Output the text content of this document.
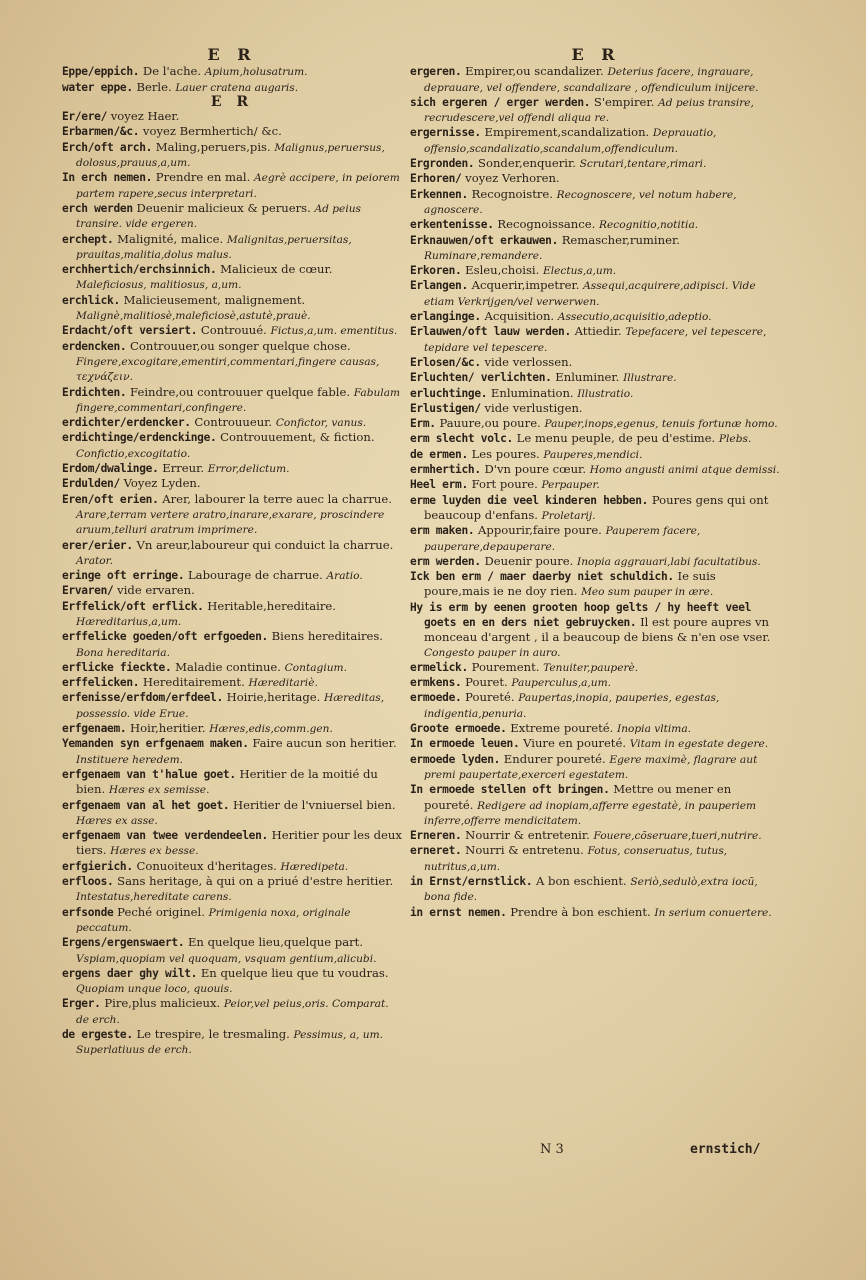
E R

Eppe/eppich. De l'ache. Apium,holusatrum.

water eppe. Berle. Lauer cratena augaris.

E R

Er/ere/ voyez Haer.

Erbarmen/&c. voyez Bermhertich/ &c.

Erch/oft arch. Maling,peruers,pis. Malignus,peruersus, dolosus,prauus,a,um.

In erch nemen. Prendre en mal. Aegrè accipere, in peiorem partem rapere,secus interpretari.

erch werden Deuenir malicieux & peruers. Ad peius transire. vide ergeren.

erchept. Malignité, malice. Malignitas,peruersitas, prauitas,malitia,dolus malus.

erchhertich/erchsinnich. Malicieux de cœur. Maleficiosus, malitiosus, a,um.

erchlick. Malicieusement, malignement. Malignè,malitiosè,maleficiosè,astutè,prauè.

Erdacht/oft versiert. Controuué. Fictus,a,um. ementitus.

erdencken. Controuuer,ou songer quelque chose. Fingere,excogitare,ementiri,commentari,fingere causas, τεχνάζειν.

Erdichten. Feindre,ou controuuer quelque fable. Fabulam fingere,commentari,confingere.

erdichter/erdencker. Controuueur. Confictor, vanus.

erdichtinge/erdenckinge. Controuuement, & fiction. Confictio,excogitatio.

Erdom/dwalinge. Erreur. Error,delictum.

Erdulden/ Voyez Lyden.

Eren/oft erien. Arer, labourer la terre auec la charrue. Arare,terram vertere aratro,inarare,exarare, proscindere aruum,telluri aratrum imprimere.

erer/erier. Vn areur,laboureur qui conduict la charrue. Arator.

eringe oft erringe. Labourage de charrue. Aratio.

Ervaren/ vide ervaren.

Erffelick/oft erflick. Heritable,hereditaire. Hæreditarius,a,um.

erffelicke goeden/oft erfgoeden. Biens hereditaires. Bona hereditaria.

erflicke fieckte. Maladie continue. Contagium.

erffelicken. Hereditairement. Hæreditariè.

erfenisse/erfdom/erfdeel. Hoirie,heritage. Hæreditas, possessio. vide Erue.

erfgenaem. Hoir,heritier. Hæres,edis,comm.gen.

Yemanden syn erfgenaem maken. Faire aucun son heritier. Instituere heredem.

erfgenaem van t'halue goet. Heritier de la moitié du bien. Hæres ex semisse.

erfgenaem van al het goet. Heritier de l'vniuersel bien. Hæres ex asse.

erfgenaem van twee verdendeelen. Heritier pour les deux tiers. Hæres ex besse.

erfgierich. Conuoiteux d'heritages. Hæredipeta.

erfloos. Sans heritage, à qui on a priué d'estre heritier. Intestatus,hereditate carens.

erfsonde Peché originel. Primigenia noxa, originale peccatum.

Ergens/ergenswaert. En quelque lieu,quelque part. Vspiam,quopiam vel quoquam, vsquam gentium,alicubi.

ergens daer ghy wilt. En quelque lieu que tu voudras. Quopiam unque loco, quouis.

Erger. Pire,plus malicieux. Peior,vel peius,oris. Comparat. de erch.

de ergeste. Le trespire, le tresmaling. Pessimus, a, um. Superlatiuus de erch.

E R

ergeren. Empirer,ou scandalizer. Deterius facere, ingrauare, deprauare, vel offendere, scandalizare , offendiculum inijcere.

sich ergeren / erger werden. S'empirer. Ad peius transire, recrudescere,vel offendi aliqua re.

ergernisse. Empirement,scandalization. Deprauatio, offensio,scandalizatio,scandalum,offendiculum.

Ergronden. Sonder,enquerir. Scrutari,tentare,rimari.

Erhoren/ voyez Verhoren.

Erkennen. Recognoistre. Recognoscere, vel notum habere, agnoscere.

erkentenisse. Recognoissance. Recognitio,notitia.

Erknauwen/oft erkauwen. Remascher,ruminer. Ruminare,remandere.

Erkoren. Esleu,choisi. Electus,a,um.

Erlangen. Acquerir,impetrer. Assequi,acquirere,adipisci. Vide etiam Verkrijgen/vel verwerwen.

erlanginge. Acquisition. Assecutio,acquisitio,adeptio.

Erlauwen/oft lauw werden. Attiedir. Tepefacere, vel tepescere, tepidare vel tepescere.

Erlosen/&c. vide verlossen.

Erluchten/ verlichten. Enluminer. Illustrare.

erluchtinge. Enlumination. Illustratio.

Erlustigen/ vide verlustigen.

Erm. Pauure,ou poure. Pauper,inops,egenus, tenuis fortunæ homo.

erm slecht volc. Le menu peuple, de peu d'estime. Plebs.

de ermen. Les poures. Pauperes,mendici.

ermhertich. D'vn poure cœur. Homo angusti animi atque demissi.

Heel erm. Fort poure. Perpauper.

erme luyden die veel kinderen hebben. Poures gens qui ont beaucoup d'enfans. Proletarij.

erm maken. Appourir,faire poure. Pauperem facere, pauperare,depauperare.

erm werden. Deuenir poure. Inopia aggrauari,labi facultatibus.

Ick ben erm / maer daerby niet schuldich. Ie suis poure,mais ie ne doy rien. Meo sum pauper in ære.

Hy is erm by eenen grooten hoop gelts / hy heeft veel goets en en ders niet gebruycken. Il est poure aupres vn monceau d'argent , il a beaucoup de biens & n'en ose vser. Congesto pauper in auro.

ermelick. Pourement. Tenuiter,pauperè.

ermkens. Pouret. Pauperculus,a,um.

ermoede. Poureté. Paupertas,inopia, pauperies, egestas, indigentia,penuria.

Groote ermoede. Extreme poureté. Inopia vltima.

In ermoede leuen. Viure en poureté. Vitam in egestate degere.

ermoede lyden. Endurer poureté. Egere maximè, flagrare aut premi paupertate,exerceri egestatem.

In ermoede stellen oft bringen. Mettre ou mener en poureté. Redigere ad inopiam,afferre egestatè, in pauperiem inferre,offerre mendicitatem.

Erneren. Nourrir & entretenir. Fouere,cõseruare,tueri,nutrire.

erneret. Nourri & entretenu. Fotus, conseruatus, tutus, nutritus,a,um.

in Ernst/ernstlick. A bon eschient. Seriò,sedulò,extra iocũ, bona fide.

in ernst nemen. Prendre à bon eschient. In serium conuertere.

N 3	ernstich/
